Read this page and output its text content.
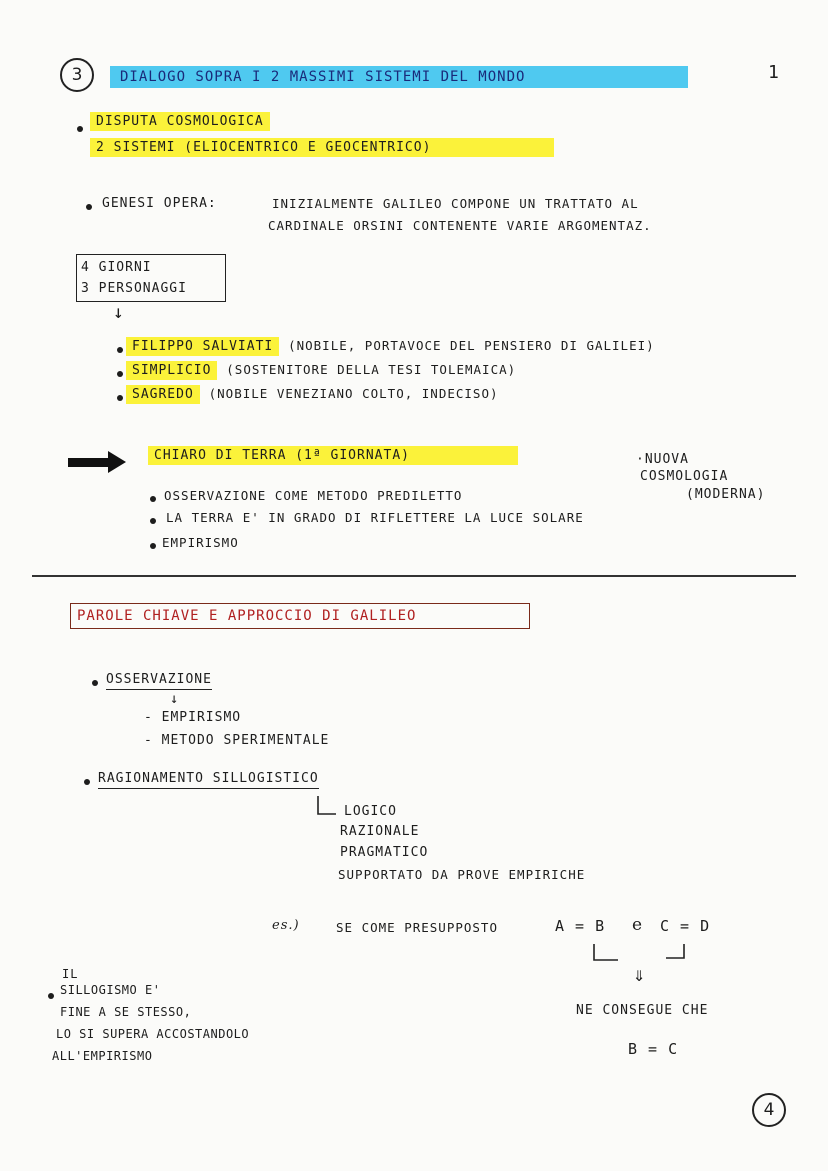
3	DIALOGO SOPRA I 2 MASSIMI SISTEMI DEL MONDO	1
DISPUTA COSMOLOGICA
2 SISTEMI (ELIOCENTRICO E GEOCENTRICO)
GENESI OPERA:	INIZIALMENTE GALILEO COMPONE UN TRATTATO AL
CARDINALE ORSINI CONTENENTE VARIE ARGOMENTAZ.
4 GIORNI
3 PERSONAGGI
↓
FILIPPO SALVIATI (NOBILE, PORTAVOCE DEL PENSIERO DI GALILEI)
SIMPLICIO (SOSTENITORE DELLA TESI TOLEMAICA)
SAGREDO (NOBILE VENEZIANO COLTO, INDECISO)
CHIARO DI TERRA (1ª GIORNATA)	·NUOVA
COSMOLOGIA
(MODERNA)
OSSERVAZIONE COME METODO PREDILETTO
LA TERRA E' IN GRADO DI RIFLETTERE LA LUCE SOLARE
EMPIRISMO
PAROLE CHIAVE E APPROCCIO DI GALILEO
OSSERVAZIONE
↓
- EMPIRISMO
- METODO SPERIMENTALE
RAGIONAMENTO SILLOGISTICO
LOGICO
RAZIONALE
PRAGMATICO
SUPPORTATO DA PROVE EMPIRICHE
es.)	SE COME PRESUPPOSTO	A = B e C = D
⇓
NE CONSEGUE CHE
B = C
IL
SILLOGISMO E'
FINE A SE STESSO,
LO SI SUPERA ACCOSTANDOLO
ALL'EMPIRISMO
4
